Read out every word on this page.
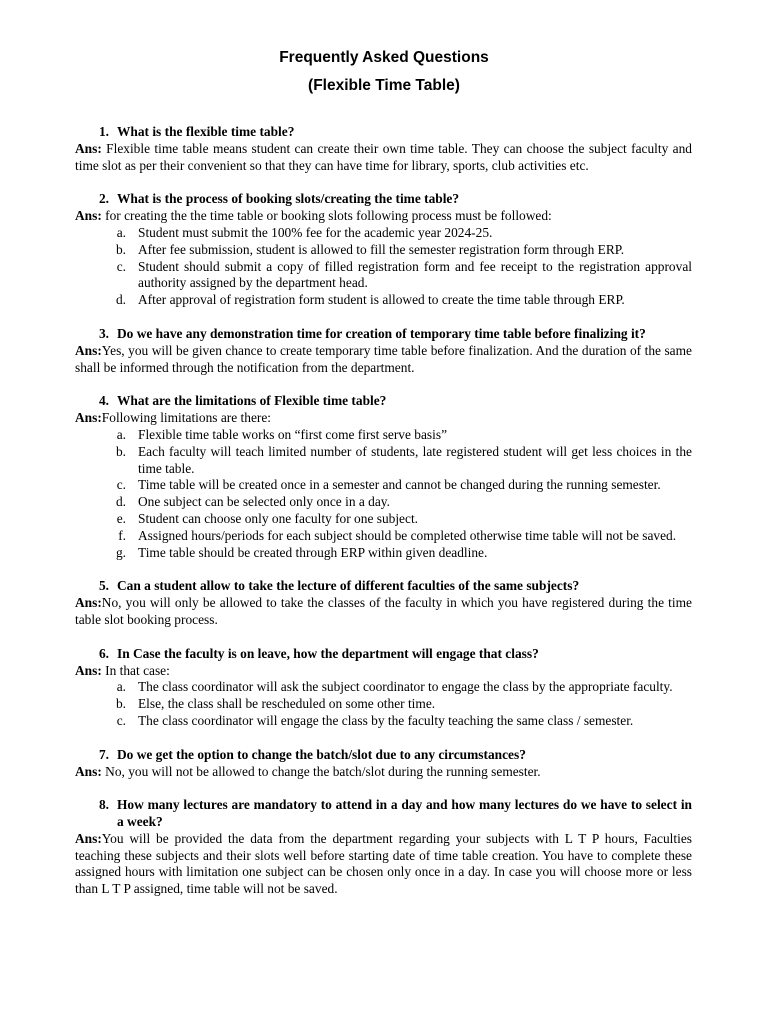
Frequently Asked Questions
(Flexible Time Table)
1. What is the flexible time table?
Ans: Flexible time table means student can create their own time table. They can choose the subject faculty and time slot as per their convenient so that they can have time for library, sports, club activities etc.
2. What is the process of booking slots/creating the time table?
Ans: for creating the the time table or booking slots following process must be followed:
a. Student must submit the 100% fee for the academic year 2024-25.
b. After fee submission, student is allowed to fill the semester registration form through ERP.
c. Student should submit a copy of filled registration form and fee receipt to the registration approval authority assigned by the department head.
d. After approval of registration form student is allowed to create the time table through ERP.
3. Do we have any demonstration time for creation of temporary time table before finalizing it?
Ans:Yes, you will be given chance to create temporary time table before finalization. And the duration of the same shall be informed through the notification from the department.
4. What are the limitations of Flexible time table?
Ans:Following limitations are there:
a. Flexible time table works on “first come first serve basis”
b. Each faculty will teach limited number of students, late registered student will get less choices in the time table.
c. Time table will be created once in a semester and cannot be changed during the running semester.
d. One subject can be selected only once in a day.
e. Student can choose only one faculty for one subject.
f. Assigned hours/periods for each subject should be completed otherwise time table will not be saved.
g. Time table should be created through ERP within given deadline.
5. Can a student allow to take the lecture of different faculties of the same subjects?
Ans:No, you will only be allowed to take the classes of the faculty in which you have registered during the time table slot booking process.
6. In Case the faculty is on leave, how the department will engage that class?
Ans: In that case:
a. The class coordinator will ask the subject coordinator to engage the class by the appropriate faculty.
b. Else, the class shall be rescheduled on some other time.
c. The class coordinator will engage the class by the faculty teaching the same class / semester.
7. Do we get the option to change the batch/slot due to any circumstances?
Ans: No, you will not be allowed to change the batch/slot during the running semester.
8. How many lectures are mandatory to attend in a day and how many lectures do we have to select in a week?
Ans:You will be provided the data from the department regarding your subjects with L T P hours, Faculties teaching these subjects and their slots well before starting date of time table creation. You have to complete these assigned hours with limitation one subject can be chosen only once in a day. In case you will choose more or less than L T P assigned, time table will not be saved.
